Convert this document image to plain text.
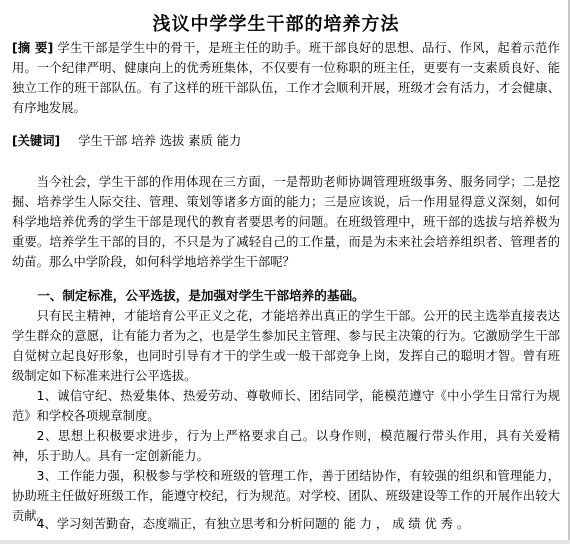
浅议中学学生干部的培养方法

[摘 要] 学生干部是学生中的骨干，是班主任的助手。班干部良好的思想、品行、作风，起着示范作用。一个纪律严明、健康向上的优秀班集体，不仅要有一位称职的班主任，更要有一支素质良好、能独立工作的班干部队伍。有了这样的班干部队伍，工作才会顺利开展，班级才会有活力，才会健康、有序地发展。

[关键词] 学生干部 培养 选拔 素质 能力

当今社会，学生干部的作用体现在三方面，一是帮助老师协调管理班级事务、服务同学；二是挖掘、培养学生人际交往、管理、策划等诸多方面的能力；三是应该说，后一作用显得意义深刻，如何科学地培养优秀的学生干部是现代的教育者要思考的问题。在班级管理中，班干部的选拔与培养极为重要。培养学生干部的目的，不只是为了减轻自己的工作量，而是为未来社会培养组织者、管理者的幼苗。那么中学阶段，如何科学地培养学生干部呢？

一、制定标准，公平选拔，是加强对学生干部培养的基础。

只有民主精神，才能培育公平正义之花，才能培养出真正的学生干部。公开的民主选举直接表达学生群众的意愿，让有能力者为之，也是学生参加民主管理、参与民主决策的行为。它激励学生干部自觉树立起良好形象，也同时引导有才干的学生或一般干部竞争上岗，发挥自己的聪明才智。曾有班级制定如下标准来进行公平选拔。

1、诚信守纪、热爱集体、热爱劳动、尊敬师长、团结同学，能模范遵守《中小学生日常行为规范》和学校各项规章制度。

2、思想上积极要求进步，行为上严格要求自己。以身作则，模范履行带头作用，具有关爱精神，乐于助人。具有一定创新能力。

3、工作能力强，积极参与学校和班级的管理工作，善于团结协作，有较强的组织和管理能力，协助班主任做好班级工作，能遵守校纪，行为规范。对学校、团队、班级建设等工作的开展作出较大贡献。

4、学习刻苦勤奋，态度端正，有独立思考和分析问题的 能 力 ， 成 绩 优 秀 。
